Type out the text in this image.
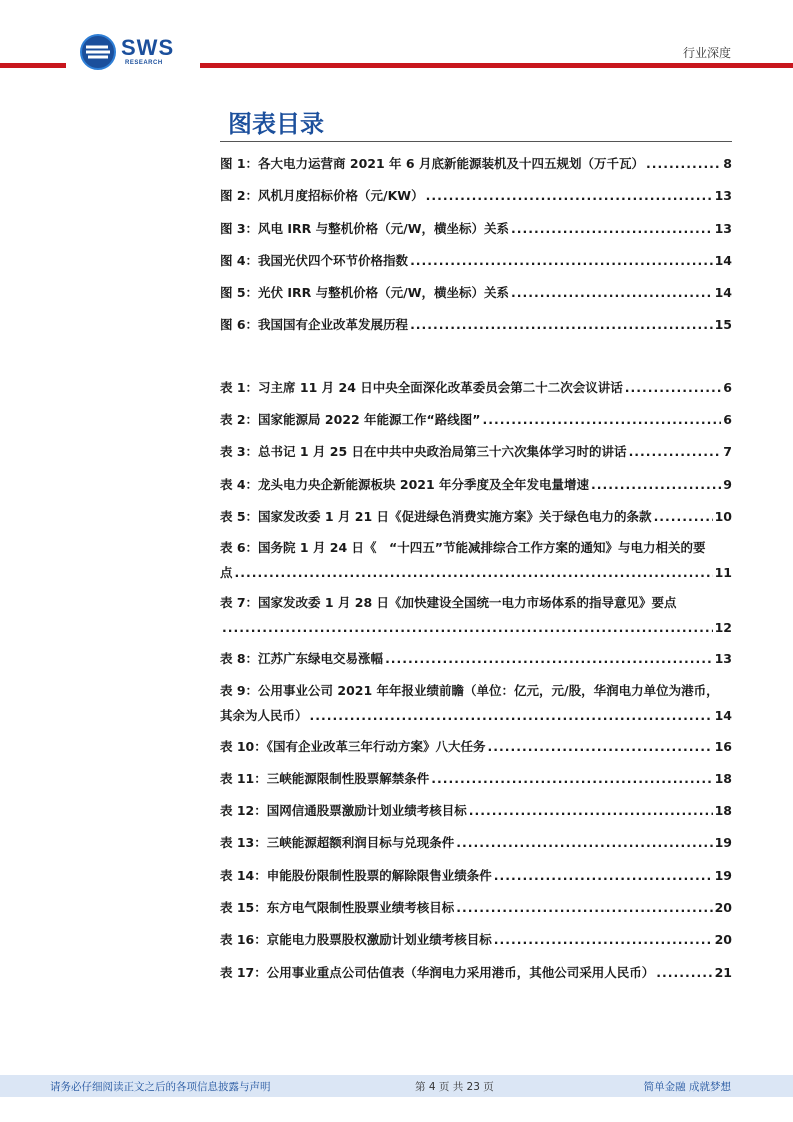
SWS
RESEARCH
行业深度
图表目录
图 1：各大电力运营商 2021 年 6 月底新能源装机及十四五规划（万千瓦） .....	8
图 2：风机月度招标价格（元/KW） .....	13
图 3：风电 IRR 与整机价格（元/W，横坐标）关系 .....	13
图 4：我国光伏四个环节价格指数 .....	14
图 5：光伏 IRR 与整机价格（元/W，横坐标）关系 .....	14
图 6：我国国有企业改革发展历程 .....	15
表 1：习主席 11 月 24 日中央全面深化改革委员会第二十二次会议讲话 .....	6
表 2：国家能源局 2022 年能源工作“路线图” .....	6
表 3：总书记 1 月 25 日在中共中央政治局第三十六次集体学习时的讲话 .....	7
表 4：龙头电力央企新能源板块 2021 年分季度及全年发电量增速 .....	9
表 5：国家发改委 1 月 21 日《促进绿色消费实施方案》关于绿色电力的条款 .....	10
表 6：国务院 1 月 24 日《　“十四五”节能减排综合工作方案的通知》与电力相关的要
点 .....	11
表 7：国家发改委 1 月 28 日《加快建设全国统一电力市场体系的指导意见》要点
.....
12
表 8：江苏广东绿电交易涨幅 .....	13
表 9：公用事业公司 2021 年年报业绩前瞻（单位：亿元，元/股，华润电力单位为港币，
其余为人民币） .....	14
表 10：《国有企业改革三年行动方案》八大任务 .....	16
表 11：三峡能源限制性股票解禁条件 .....	18
表 12：国网信通股票激励计划业绩考核目标 .....	18
表 13：三峡能源超额利润目标与兑现条件 .....	19
表 14：申能股份限制性股票的解除限售业绩条件 .....	19
表 15：东方电气限制性股票业绩考核目标 .....	20
表 16：京能电力股票股权激励计划业绩考核目标 .....	20
表 17：公用事业重点公司估值表（华润电力采用港币，其他公司采用人民币） .....	21
请务必仔细阅读正文之后的各项信息披露与声明	第 4 页 共 23 页	简单金融 成就梦想
